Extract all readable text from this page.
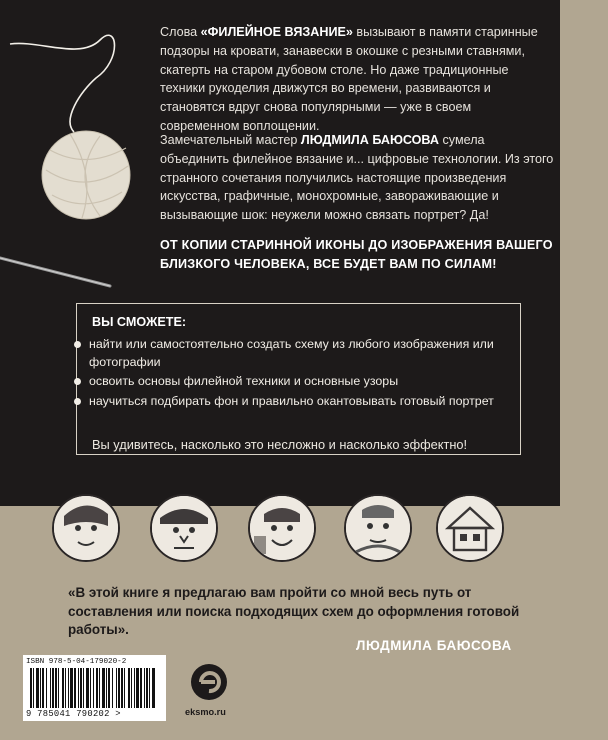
Слова «ФИЛЕЙНОЕ ВЯЗАНИЕ» вызывают в памяти старинные подзоры на кровати, занавески в окошке с резными ставнями, скатерть на старом дубовом столе. Но даже традиционные техники рукоделия движутся во времени, развиваются и становятся вдруг снова популярными — уже в своем современном воплощении.

Замечательный мастер ЛЮДМИЛА БАЮСОВА сумела объединить филейное вязание и... цифровые технологии. Из этого странного сочетания получились настоящие произведения искусства, графичные, монохромные, завораживающие и вызывающие шок: неужели можно связать портрет? Да!

ОТ КОПИИ СТАРИННОЙ ИКОНЫ ДО ИЗОБРАЖЕНИЯ ВАШЕГО БЛИЗКОГО ЧЕЛОВЕКА, ВСЕ БУДЕТ ВАМ ПО СИЛАМ!

ВЫ СМОЖЕТЕ:
найти или самостоятельно создать схему из любого изображения или фотографии
освоить основы филейной техники и основные узоры
научиться подбирать фон и правильно окантовывать готовый портрет
Вы удивитесь, насколько это несложно и насколько эффектно!

«В этой книге я предлагаю вам пройти со мной весь путь от составления или поиска подходящих схем до оформления готовой работы».

ЛЮДМИЛА БАЮСОВА
ISBN 978-5-04-179020-2
9 785041 790202 >	eksmo.ru
